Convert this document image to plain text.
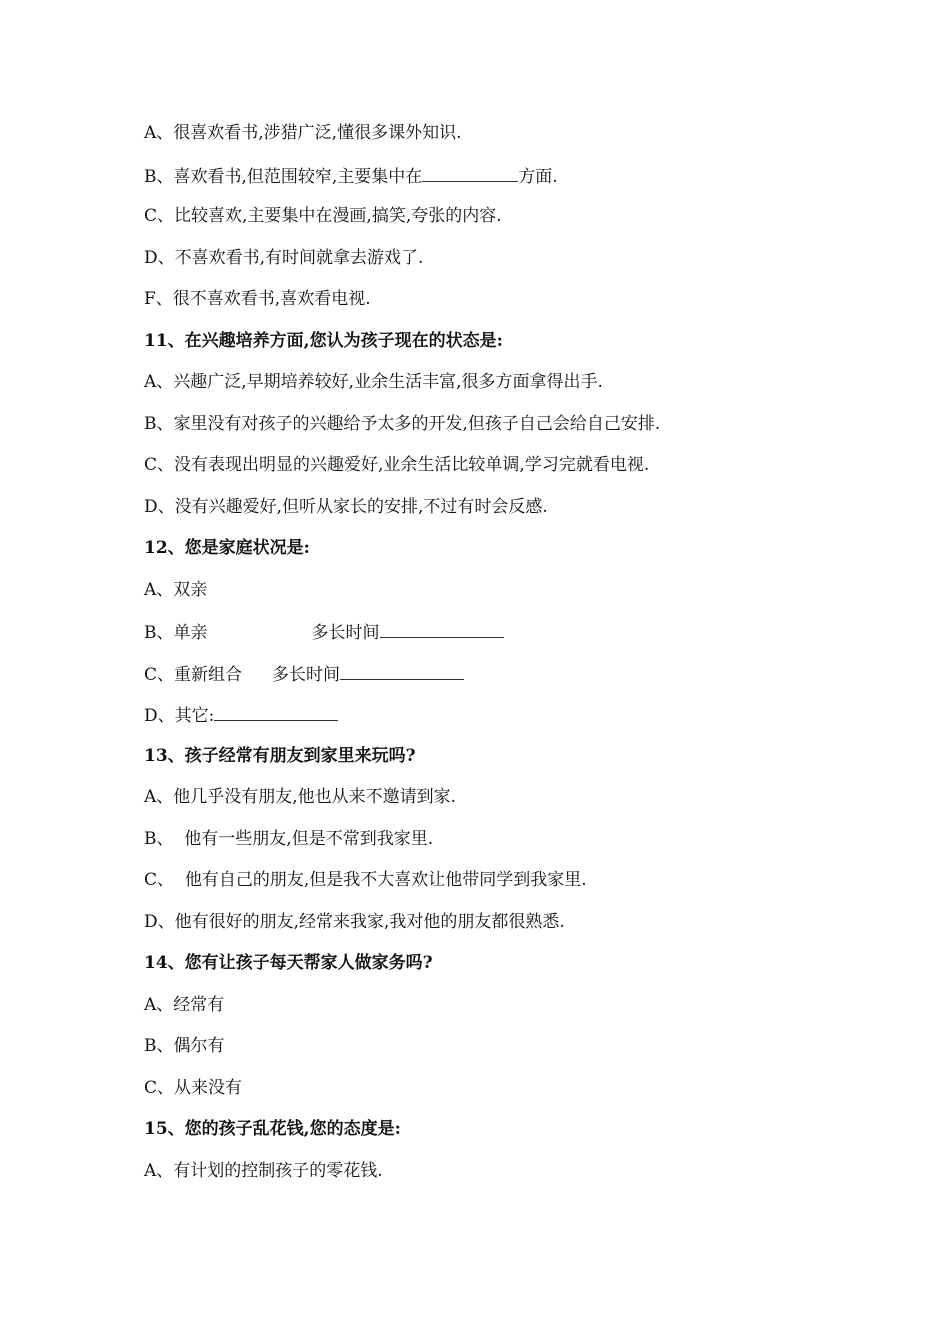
A、很喜欢看书,涉猎广泛,懂很多课外知识.
B、喜欢看书,但范围较窄,主要集中在	方面.
C、比较喜欢,主要集中在漫画,搞笑,夸张的内容.
D、不喜欢看书,有时间就拿去游戏了.
F、很不喜欢看书,喜欢看电视.
11、在兴趣培养方面,您认为孩子现在的状态是:
A、兴趣广泛,早期培养较好,业余生活丰富,很多方面拿得出手.
B、家里没有对孩子的兴趣给予太多的开发,但孩子自己会给自己安排.
C、没有表现出明显的兴趣爱好,业余生活比较单调,学习完就看电视.
D、没有兴趣爱好,但听从家长的安排,不过有时会反感.
12、您是家庭状况是:
A、双亲
B、单亲	多长时间
C、重新组合 多长时间
D、其它:
13、孩子经常有朋友到家里来玩吗?
A、他几乎没有朋友,他也从来不邀请到家.
B、  他有一些朋友,但是不常到我家里.
C、  他有自己的朋友,但是我不大喜欢让他带同学到我家里.
D、他有很好的朋友,经常来我家,我对他的朋友都很熟悉.
14、您有让孩子每天帮家人做家务吗?
A、经常有
B、偶尔有
C、从来没有
15、您的孩子乱花钱,您的态度是:
A、有计划的控制孩子的零花钱.
